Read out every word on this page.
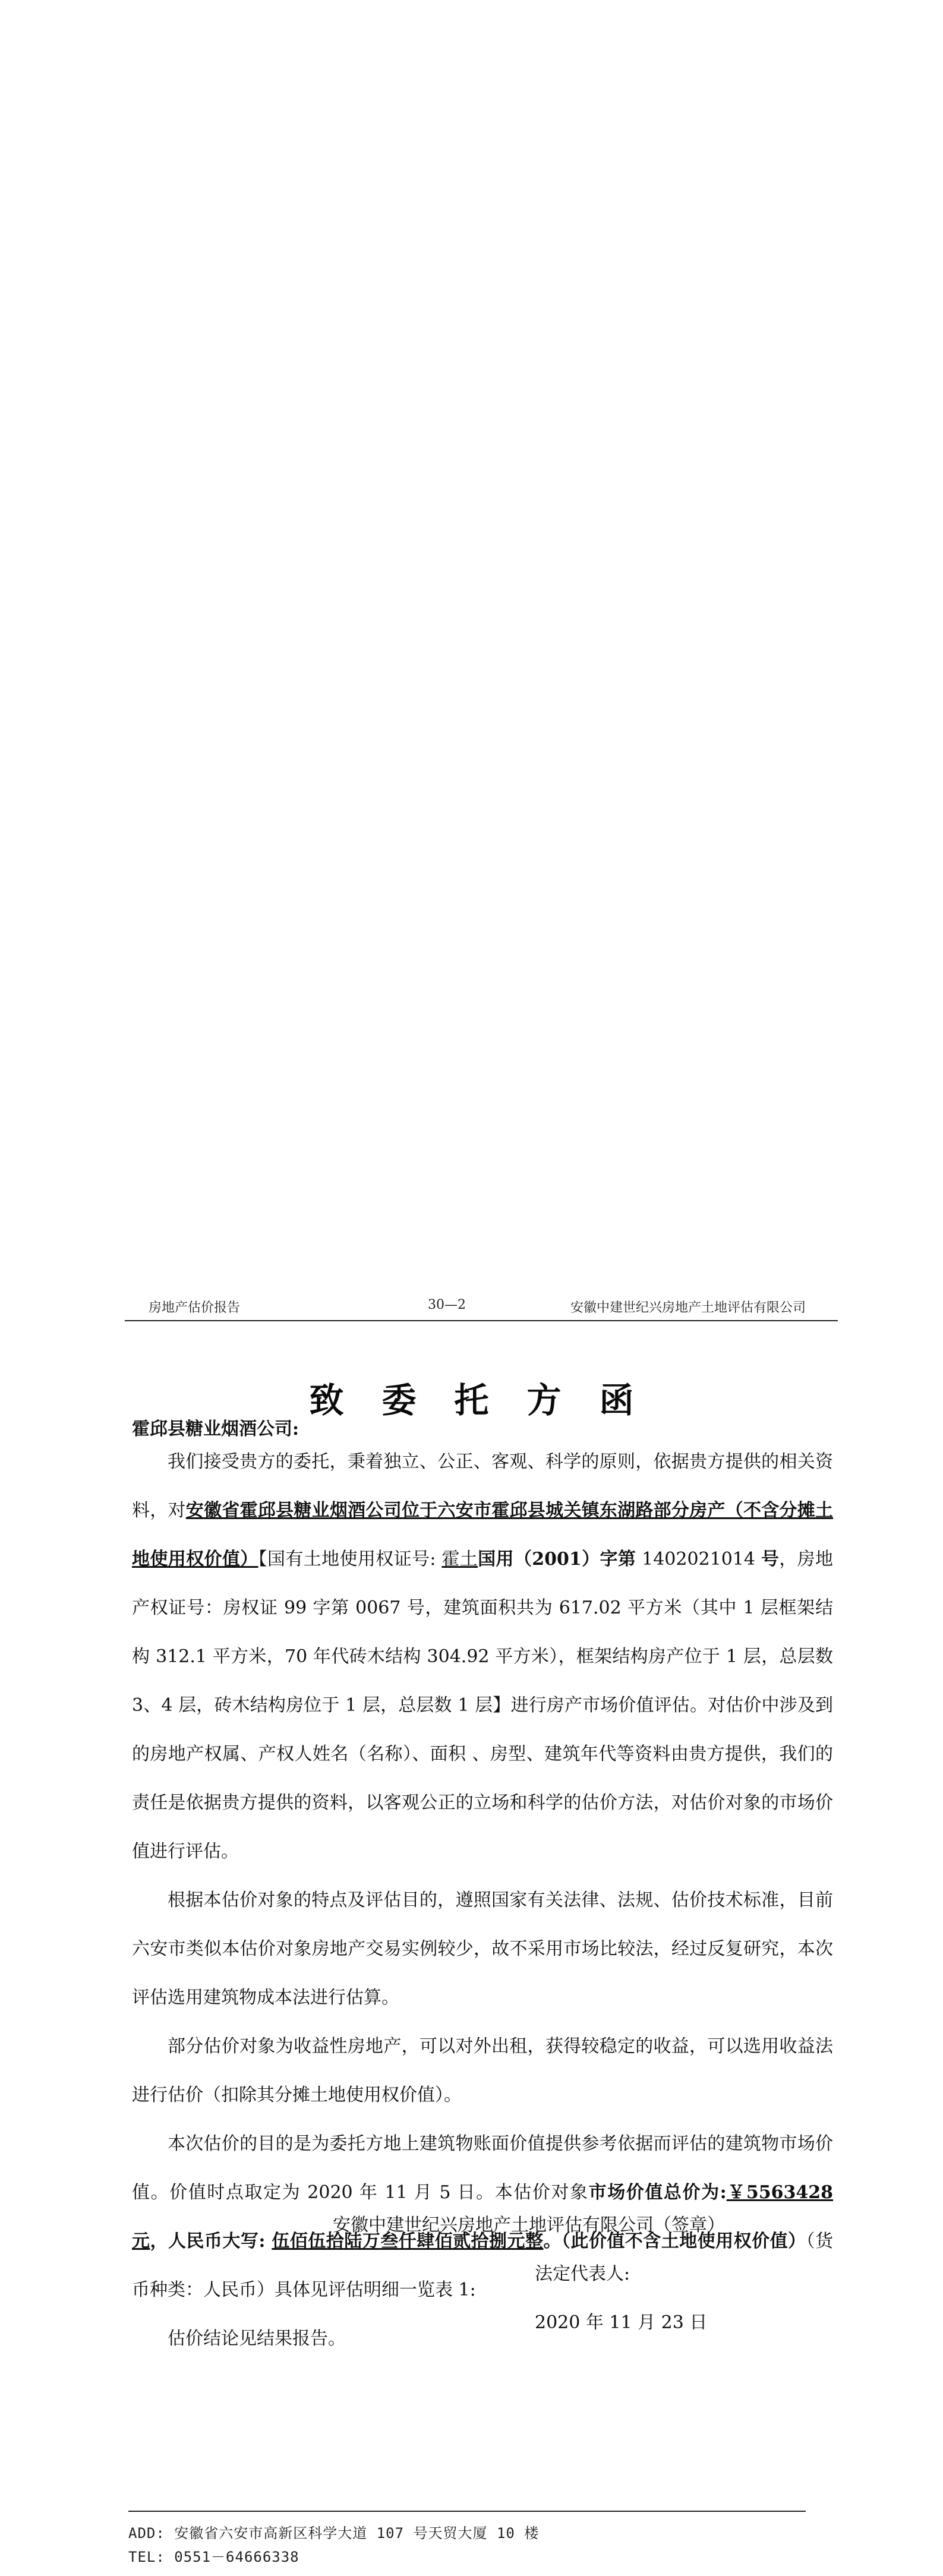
房地产估价报告	30—2	安徽中建世纪兴房地产土地评估有限公司
致委托方函
霍邱县糖业烟酒公司:

我们接受贵方的委托，秉着独立、公正、客观、科学的原则，依据贵方提供的相关资料，对安徽省霍邱县糖业烟酒公司位于六安市霍邱县城关镇东湖路部分房产（不含分摊土地使用权价值）【国有土地使用权证号: 霍土国用（2001）字第 1402021014 号，房地产权证号：房权证 99 字第 0067 号，建筑面积共为 617.02 平方米（其中 1 层框架结构 312.1 平方米，70 年代砖木结构 304.92 平方米），框架结构房产位于 1 层，总层数 3、4 层，砖木结构房位于 1 层，总层数 1 层】进行房产市场价值评估。对估价中涉及到的房地产权属、产权人姓名（名称）、面积 、房型、建筑年代等资料由贵方提供，我们的责任是依据贵方提供的资料，以客观公正的立场和科学的估价方法，对估价对象的市场价值进行评估。

根据本估价对象的特点及评估目的，遵照国家有关法律、法规、估价技术标准，目前六安市类似本估价对象房地产交易实例较少，故不采用市场比较法，经过反复研究，本次评估选用建筑物成本法进行估算。

部分估价对象为收益性房地产，可以对外出租，获得较稳定的收益，可以选用收益法进行估价（扣除其分摊土地使用权价值）。

本次估价的目的是为委托方地上建筑物账面价值提供参考依据而评估的建筑物市场价值。价值时点取定为 2020 年 11 月 5 日。本估价对象市场价值总价为:￥5563428 元，人民币大写: 伍佰伍拾陆万叁仟肆佰贰拾捌元整。（此价值不含土地使用权价值）（货币种类：人民币）具体见评估明细一览表 1:

估价结论见结果报告。

安徽中建世纪兴房地产土地评估有限公司（签章）
法定代表人:
2020 年 11 月 23 日
ADD: 安徽省六安市高新区科学大道 107 号天贸大厦 10 楼
TEL: 0551－64666338
